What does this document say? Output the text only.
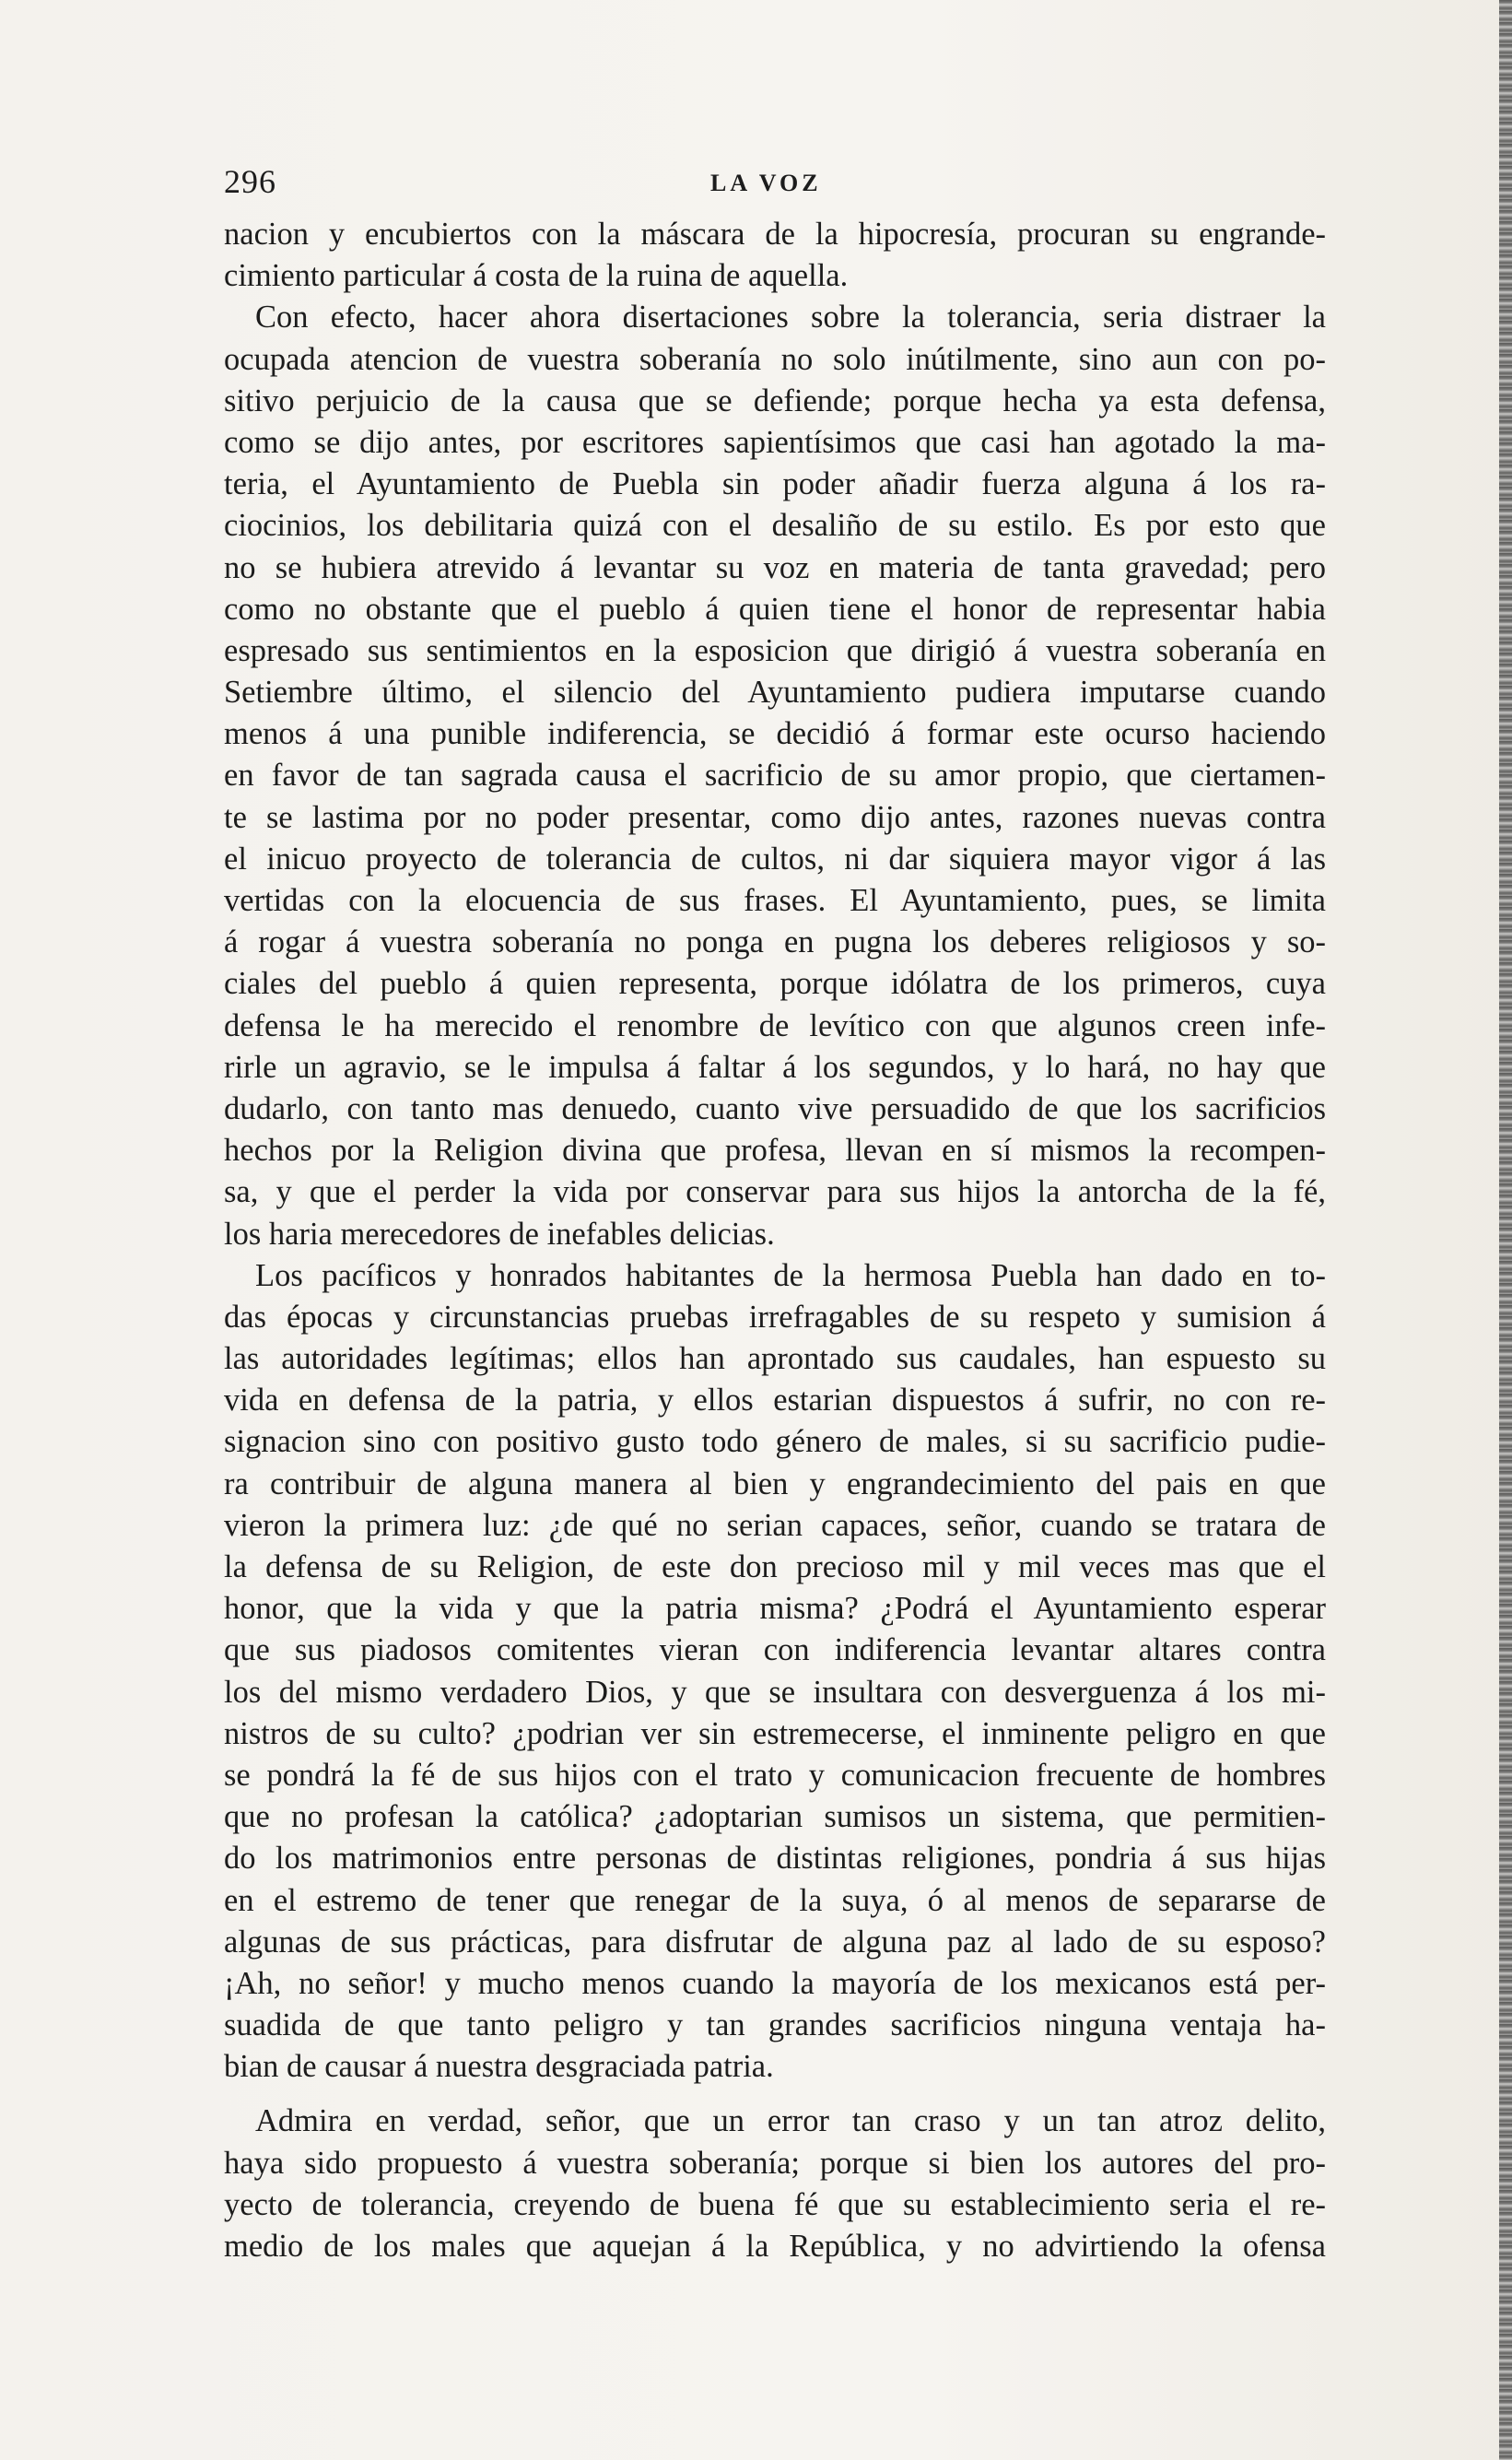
296	LA VOZ
nacion y encubiertos con la máscara de la hipocresía, procuran su engrande-
cimiento particular á costa de la ruina de aquella.
Con efecto, hacer ahora disertaciones sobre la tolerancia, seria distraer la
ocupada atencion de vuestra soberanía no solo inútilmente, sino aun con po-
sitivo perjuicio de la causa que se defiende; porque hecha ya esta defensa,
como se dijo antes, por escritores sapientísimos que casi han agotado la ma-
teria, el Ayuntamiento de Puebla sin poder añadir fuerza alguna á los ra-
ciocinios, los debilitaria quizá con el desaliño de su estilo. Es por esto que
no se hubiera atrevido á levantar su voz en materia de tanta gravedad; pero
como no obstante que el pueblo á quien tiene el honor de representar habia
espresado sus sentimientos en la esposicion que dirigió á vuestra soberanía en
Setiembre último, el silencio del Ayuntamiento pudiera imputarse cuando
menos á una punible indiferencia, se decidió á formar este ocurso haciendo
en favor de tan sagrada causa el sacrificio de su amor propio, que ciertamen-
te se lastima por no poder presentar, como dijo antes, razones nuevas contra
el inicuo proyecto de tolerancia de cultos, ni dar siquiera mayor vigor á las
vertidas con la elocuencia de sus frases. El Ayuntamiento, pues, se limita
á rogar á vuestra soberanía no ponga en pugna los deberes religiosos y so-
ciales del pueblo á quien representa, porque idólatra de los primeros, cuya
defensa le ha merecido el renombre de levítico con que algunos creen infe-
rirle un agravio, se le impulsa á faltar á los segundos, y lo hará, no hay que
dudarlo, con tanto mas denuedo, cuanto vive persuadido de que los sacrificios
hechos por la Religion divina que profesa, llevan en sí mismos la recompen-
sa, y que el perder la vida por conservar para sus hijos la antorcha de la fé,
los haria merecedores de inefables delicias.
Los pacíficos y honrados habitantes de la hermosa Puebla han dado en to-
das épocas y circunstancias pruebas irrefragables de su respeto y sumision á
las autoridades legítimas; ellos han aprontado sus caudales, han espuesto su
vida en defensa de la patria, y ellos estarian dispuestos á sufrir, no con re-
signacion sino con positivo gusto todo género de males, si su sacrificio pudie-
ra contribuir de alguna manera al bien y engrandecimiento del pais en que
vieron la primera luz: ¿de qué no serian capaces, señor, cuando se tratara de
la defensa de su Religion, de este don precioso mil y mil veces mas que el
honor, que la vida y que la patria misma? ¿Podrá el Ayuntamiento esperar
que sus piadosos comitentes vieran con indiferencia levantar altares contra
los del mismo verdadero Dios, y que se insultara con desverguenza á los mi-
nistros de su culto? ¿podrian ver sin estremecerse, el inminente peligro en que
se pondrá la fé de sus hijos con el trato y comunicacion frecuente de hombres
que no profesan la católica? ¿adoptarian sumisos un sistema, que permitien-
do los matrimonios entre personas de distintas religiones, pondria á sus hijas
en el estremo de tener que renegar de la suya, ó al menos de separarse de
algunas de sus prácticas, para disfrutar de alguna paz al lado de su esposo?
¡Ah, no señor! y mucho menos cuando la mayoría de los mexicanos está per-
suadida de que tanto peligro y tan grandes sacrificios ninguna ventaja ha-
bian de causar á nuestra desgraciada patria.
Admira en verdad, señor, que un error tan craso y un tan atroz delito,
haya sido propuesto á vuestra soberanía; porque si bien los autores del pro-
yecto de tolerancia, creyendo de buena fé que su establecimiento seria el re-
medio de los males que aquejan á la República, y no advirtiendo la ofensa
